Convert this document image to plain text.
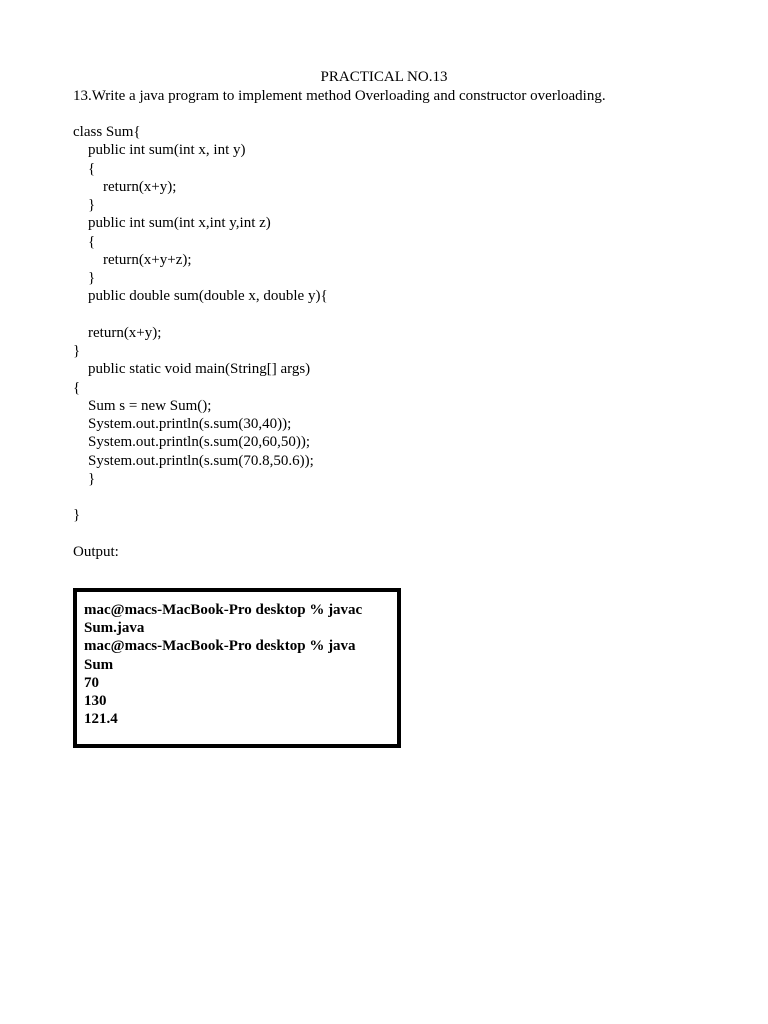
PRACTICAL NO.13
13.Write a java program to implement method Overloading and constructor overloading.
class Sum{
public int sum(int x, int y)
{
return(x+y);
}
public int sum(int x,int y,int z)
{
return(x+y+z);
}
public double sum(double x, double y){
return(x+y);
}
public static void main(String[] args)
{
Sum s = new Sum();
System.out.println(s.sum(30,40));
System.out.println(s.sum(20,60,50));
System.out.println(s.sum(70.8,50.6));
}
}
Output:
mac@macs-MacBook-Pro desktop % javac
Sum.java
mac@macs-MacBook-Pro desktop % java
Sum
70
130
121.4
